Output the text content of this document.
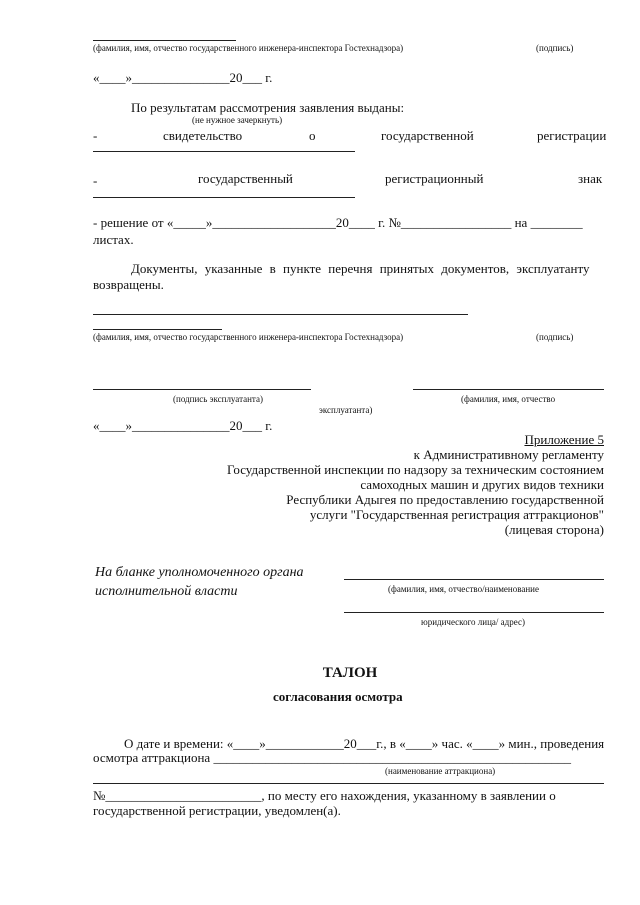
(фамилия, имя, отчество государственного инженера-инспектора Гостехнадзора)	(подпись)
«____»_______________20___ г.
По результатам рассмотрения заявления выданы:
(не нужное зачеркнуть)
-	свидетельство	о	государственной	регистрации
-	государственный	регистрационный	знак
- решение от «_____»___________________20____ г. №_________________ на ________
листах.
Документы, указанные в пункте перечня принятых документов, эксплуатанту
возвращены.
(фамилия, имя, отчество государственного инженера-инспектора Гостехнадзора)	(подпись)
(подпись эксплуатанта)	(фамилия, имя, отчество
эксплуатанта)
«____»_______________20___ г.
Приложение 5
к Административному регламенту
Государственной инспекции по надзору за техническим состоянием
самоходных машин и других видов техники
Республики Адыгея по предоставлению государственной
услуги "Государственная регистрация аттракционов"
(лицевая сторона)
На бланке уполномоченного органа
исполнительной власти	(фамилия, имя, отчество/наименование
юридического лица/ адрес)
ТАЛОН
согласования осмотра
О дате и времени: «____»____________20___г., в «____» час. «____» мин., проведения
осмотра аттракциона _______________________________________________________
(наименование аттракциона)
№________________________, по месту его нахождения, указанному в заявлении о
государственной регистрации, уведомлен(а).
